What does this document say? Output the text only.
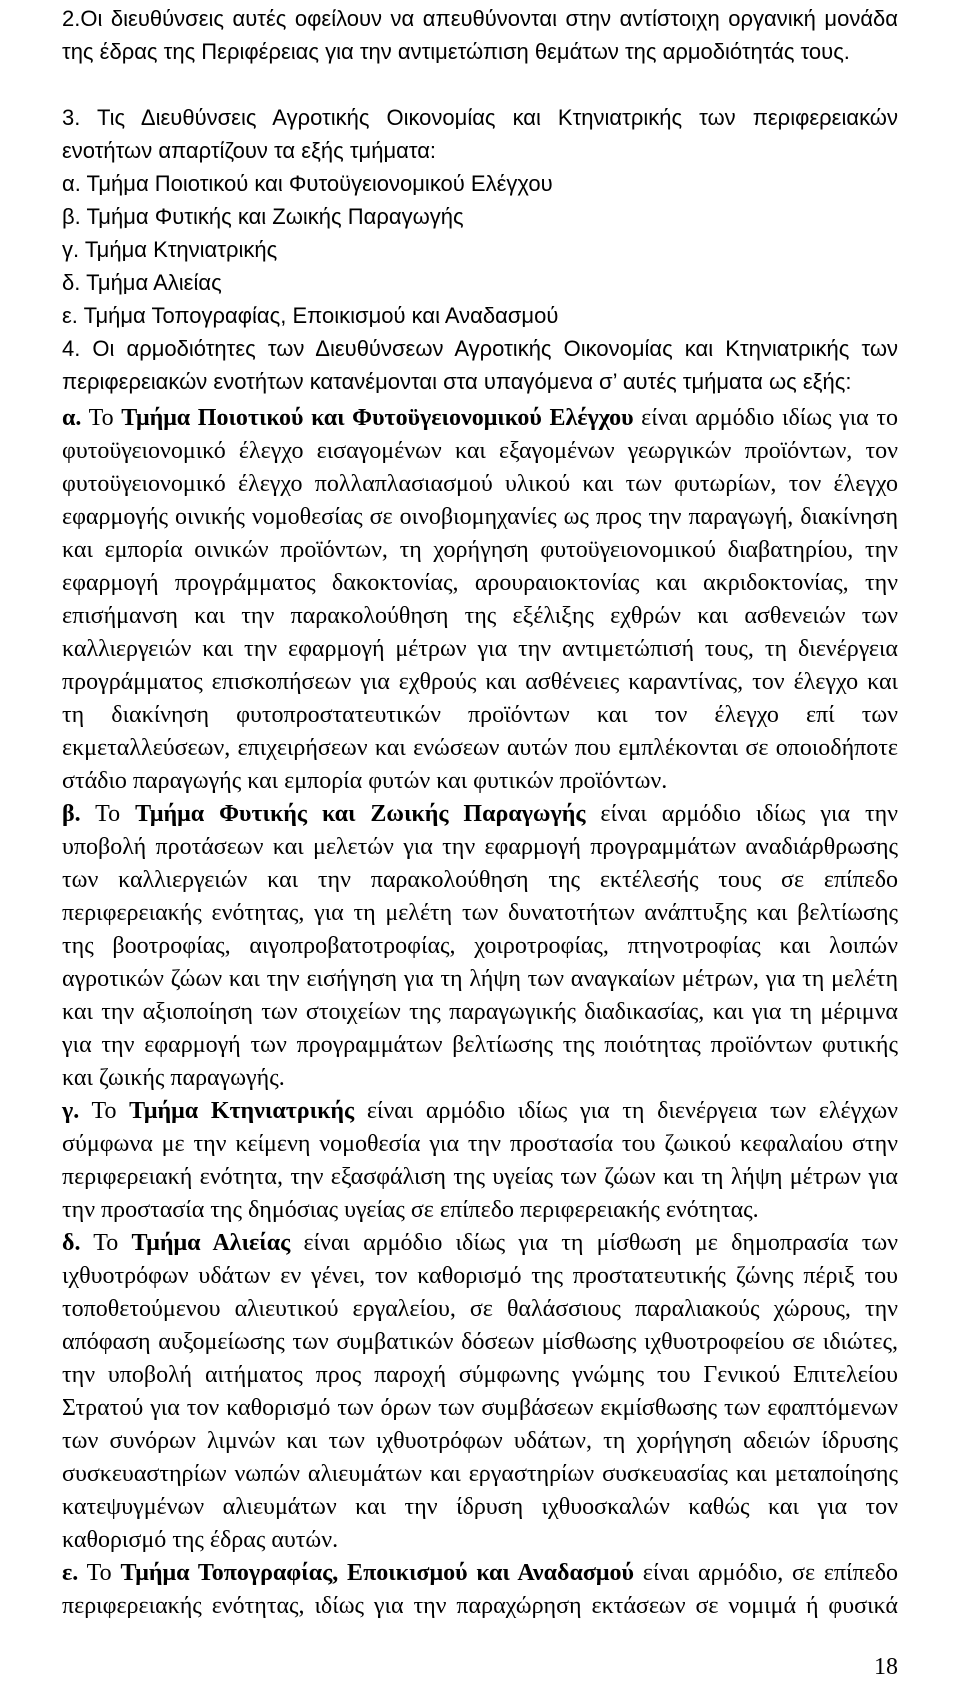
2.Οι διευθύνσεις αυτές οφείλουν να απευθύνονται στην αντίστοιχη οργανική μονάδα
της έδρας της Περιφέρειας για την αντιμετώπιση θεμάτων της αρμοδιότητάς τους.
3. Τις Διευθύνσεις Αγροτικής Οικονομίας και Κτηνιατρικής των περιφερειακών
ενοτήτων απαρτίζουν τα εξής τμήματα:
α. Τμήμα Ποιοτικού και Φυτοϋγειονομικού Ελέγχου
β. Τμήμα Φυτικής και Ζωικής Παραγωγής
γ. Τμήμα Κτηνιατρικής
δ. Τμήμα Αλιείας
ε. Τμήμα Τοπογραφίας, Εποικισμού και Αναδασμού
4. Οι αρμοδιότητες των Διευθύνσεων Αγροτικής Οικονομίας και Κτηνιατρικής των
περιφερειακών ενοτήτων κατανέμονται στα υπαγόμενα σ’ αυτές τμήματα ως εξής:
α. Το Τμήμα Ποιοτικού και Φυτοϋγειονομικού Ελέγχου είναι αρμόδιο ιδίως για το
φυτοϋγειονομικό έλεγχο εισαγομένων και εξαγομένων γεωργικών προϊόντων, τον
φυτοϋγειονομικό έλεγχο πολλαπλασιασμού υλικού και των φυτωρίων, τον έλεγχο
εφαρμογής οινικής νομοθεσίας σε οινοβιομηχανίες ως προς την παραγωγή, διακίνηση
και εμπορία οινικών προϊόντων, τη χορήγηση φυτοϋγειονομικού διαβατηρίου, την
εφαρμογή προγράμματος δακοκτονίας, αρουραιοκτονίας και ακριδοκτονίας, την
επισήμανση και την παρακολούθηση της εξέλιξης εχθρών και ασθενειών των
καλλιεργειών και την εφαρμογή μέτρων για την αντιμετώπισή τους, τη διενέργεια
προγράμματος επισκοπήσεων για εχθρούς και ασθένειες καραντίνας, τον έλεγχο και
τη διακίνηση φυτοπροστατευτικών προϊόντων και τον έλεγχο επί των
εκμεταλλεύσεων, επιχειρήσεων και ενώσεων αυτών που εμπλέκονται σε οποιοδήποτε
στάδιο παραγωγής και εμπορία φυτών και φυτικών προϊόντων.
β. Το Τμήμα Φυτικής και Ζωικής Παραγωγής είναι αρμόδιο ιδίως για την
υποβολή προτάσεων και μελετών για την εφαρμογή προγραμμάτων αναδιάρθρωσης
των καλλιεργειών και την παρακολούθηση της εκτέλεσής τους σε επίπεδο
περιφερειακής ενότητας, για τη μελέτη των δυνατοτήτων ανάπτυξης και βελτίωσης
της βοοτροφίας, αιγοπροβατοτροφίας, χοιροτροφίας, πτηνοτροφίας και λοιπών
αγροτικών ζώων και την εισήγηση για τη λήψη των αναγκαίων μέτρων, για τη μελέτη
και την αξιοποίηση των στοιχείων της παραγωγικής διαδικασίας, και για τη μέριμνα
για την εφαρμογή των προγραμμάτων βελτίωσης της ποιότητας προϊόντων φυτικής
και ζωικής παραγωγής.
γ. Το Τμήμα Κτηνιατρικής είναι αρμόδιο ιδίως για τη διενέργεια των ελέγχων
σύμφωνα με την κείμενη νομοθεσία για την προστασία του ζωικού κεφαλαίου στην
περιφερειακή ενότητα, την εξασφάλιση της υγείας των ζώων και τη λήψη μέτρων για
την προστασία της δημόσιας υγείας σε επίπεδο περιφερειακής ενότητας.
δ. Το Τμήμα Αλιείας είναι αρμόδιο ιδίως για τη μίσθωση με δημοπρασία των
ιχθυοτρόφων υδάτων εν γένει, τον καθορισμό της προστατευτικής ζώνης πέριξ του
τοποθετούμενου αλιευτικού εργαλείου, σε θαλάσσιους παραλιακούς χώρους, την
απόφαση αυξομείωσης των συμβατικών δόσεων μίσθωσης ιχθυοτροφείου σε ιδιώτες,
την υποβολή αιτήματος προς παροχή σύμφωνης γνώμης του Γενικού Επιτελείου
Στρατού για τον καθορισμό των όρων των συμβάσεων εκμίσθωσης των εφαπτόμενων
των συνόρων λιμνών και των ιχθυοτρόφων υδάτων, τη χορήγηση αδειών ίδρυσης
συσκευαστηρίων νωπών αλιευμάτων και εργαστηρίων συσκευασίας και μεταποίησης
κατεψυγμένων αλιευμάτων και την ίδρυση ιχθυοσκαλών καθώς και για τον
καθορισμό της έδρας αυτών.
ε. Το Τμήμα Τοπογραφίας, Εποικισμού και Αναδασμού είναι αρμόδιο, σε επίπεδο
περιφερειακής ενότητας, ιδίως για την παραχώρηση εκτάσεων σε νομιμά ή φυσικά
18
